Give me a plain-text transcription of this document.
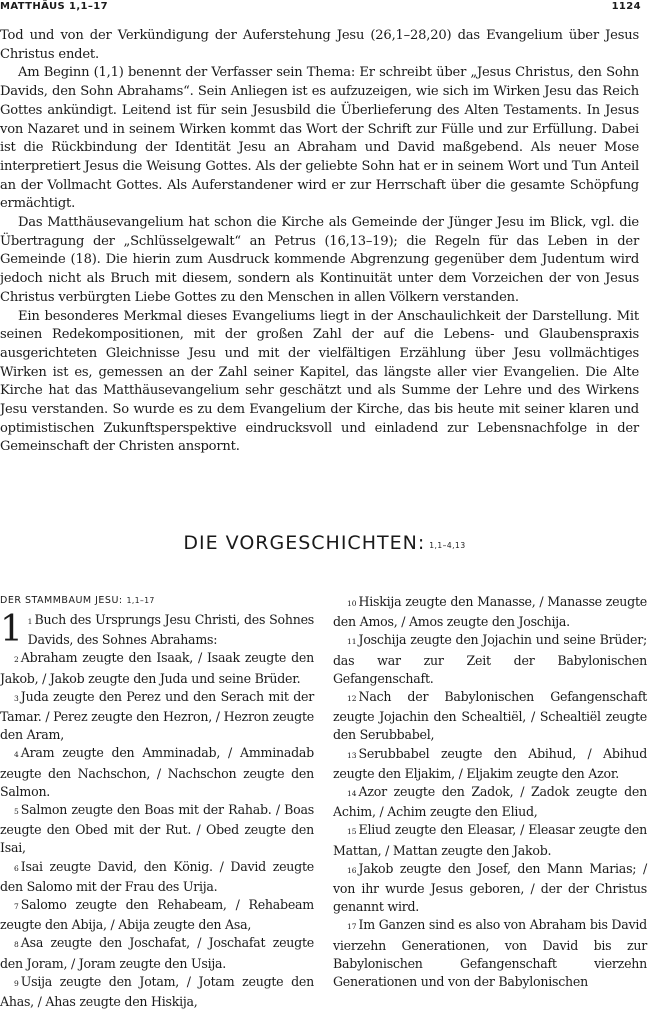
MATTHÄUS 1,1–17	1124

Tod und von der Verkündigung der Auferstehung Jesu (26,1–28,20) das Evangelium über Jesus Christus endet.

Am Beginn (1,1) benennt der Verfasser sein Thema: Er schreibt über „Jesus Christus, den Sohn Davids, den Sohn Abrahams“. Sein Anliegen ist es aufzuzeigen, wie sich im Wirken Jesu das Reich Gottes ankündigt. Leitend ist für sein Jesusbild die Überlieferung des Alten Testaments. In Jesus von Nazaret und in seinem Wirken kommt das Wort der Schrift zur Fülle und zur Erfüllung. Dabei ist die Rückbindung der Identität Jesu an Abraham und David maßgebend. Als neuer Mose interpretiert Jesus die Weisung Gottes. Als der geliebte Sohn hat er in seinem Wort und Tun Anteil an der Vollmacht Gottes. Als Auferstandener wird er zur Herrschaft über die gesamte Schöpfung ermächtigt.

Das Matthäusevangelium hat schon die Kirche als Gemeinde der Jünger Jesu im Blick, vgl. die Übertragung der „Schlüsselgewalt“ an Petrus (16,13–19); die Regeln für das Leben in der Gemeinde (18). Die hierin zum Ausdruck kommende Abgrenzung gegenüber dem Judentum wird jedoch nicht als Bruch mit diesem, sondern als Kontinuität unter dem Vorzeichen der von Jesus Christus verbürgten Liebe Gottes zu den Menschen in allen Völkern verstanden.

Ein besonderes Merkmal dieses Evangeliums liegt in der Anschaulichkeit der Darstellung. Mit seinen Redekompositionen, mit der großen Zahl der auf die Lebens- und Glaubenspraxis ausgerichteten Gleichnisse Jesu und mit der vielfältigen Erzählung über Jesu vollmächtiges Wirken ist es, gemessen an der Zahl seiner Kapitel, das längste aller vier Evangelien. Die Alte Kirche hat das Matthäusevangelium sehr geschätzt und als Summe der Lehre und des Wirkens Jesu verstanden. So wurde es zu dem Evangelium der Kirche, das bis heute mit seiner klaren und optimistischen Zukunftsperspektive eindrucksvoll und einladend zur Lebensnachfolge in der Gemeinschaft der Christen anspornt.

DIE VORGESCHICHTEN: 1,1–4,13
DER STAMMBAUM JESU: 1,1–17

1 1 Buch des Ursprungs Jesu Christi, des Sohnes Davids, des Sohnes Abrahams:

2 Abraham zeugte den Isaak, / Isaak zeugte den Jakob, / Jakob zeugte den Juda und seine Brüder.

3 Juda zeugte den Perez und den Serach mit der Tamar. / Perez zeugte den Hezron, / Hezron zeugte den Aram,

4 Aram zeugte den Amminadab, / Amminadab zeugte den Nachschon, / Nachschon zeugte den Salmon.

5 Salmon zeugte den Boas mit der Rahab. / Boas zeugte den Obed mit der Rut. / Obed zeugte den Isai,

6 Isai zeugte David, den König. / David zeugte den Salomo mit der Frau des Urija.

7 Salomo zeugte den Rehabeam, / Rehabeam zeugte den Abija, / Abija zeugte den Asa,

8 Asa zeugte den Joschafat, / Joschafat zeugte den Joram, / Joram zeugte den Usija.

9 Usija zeugte den Jotam, / Jotam zeugte den Ahas, / Ahas zeugte den Hiskija,

10 Hiskija zeugte den Manasse, / Manasse zeugte den Amos, / Amos zeugte den Joschija.

11 Joschija zeugte den Jojachin und seine Brüder; das war zur Zeit der Babylonischen Gefangenschaft.

12 Nach der Babylonischen Gefangenschaft zeugte Jojachin den Schealtiël, / Schealtiël zeugte den Serubbabel,

13 Serubbabel zeugte den Abihud, / Abihud zeugte den Eljakim, / Eljakim zeugte den Azor.

14 Azor zeugte den Zadok, / Zadok zeugte den Achim, / Achim zeugte den Eliud,

15 Eliud zeugte den Eleasar, / Eleasar zeugte den Mattan, / Mattan zeugte den Jakob.

16 Jakob zeugte den Josef, den Mann Marias; / von ihr wurde Jesus geboren, / der der Christus genannt wird.

17 Im Ganzen sind es also von Abraham bis David vierzehn Generationen, von David bis zur Babylonischen Gefangenschaft vierzehn Generationen und von der Babylonischen
